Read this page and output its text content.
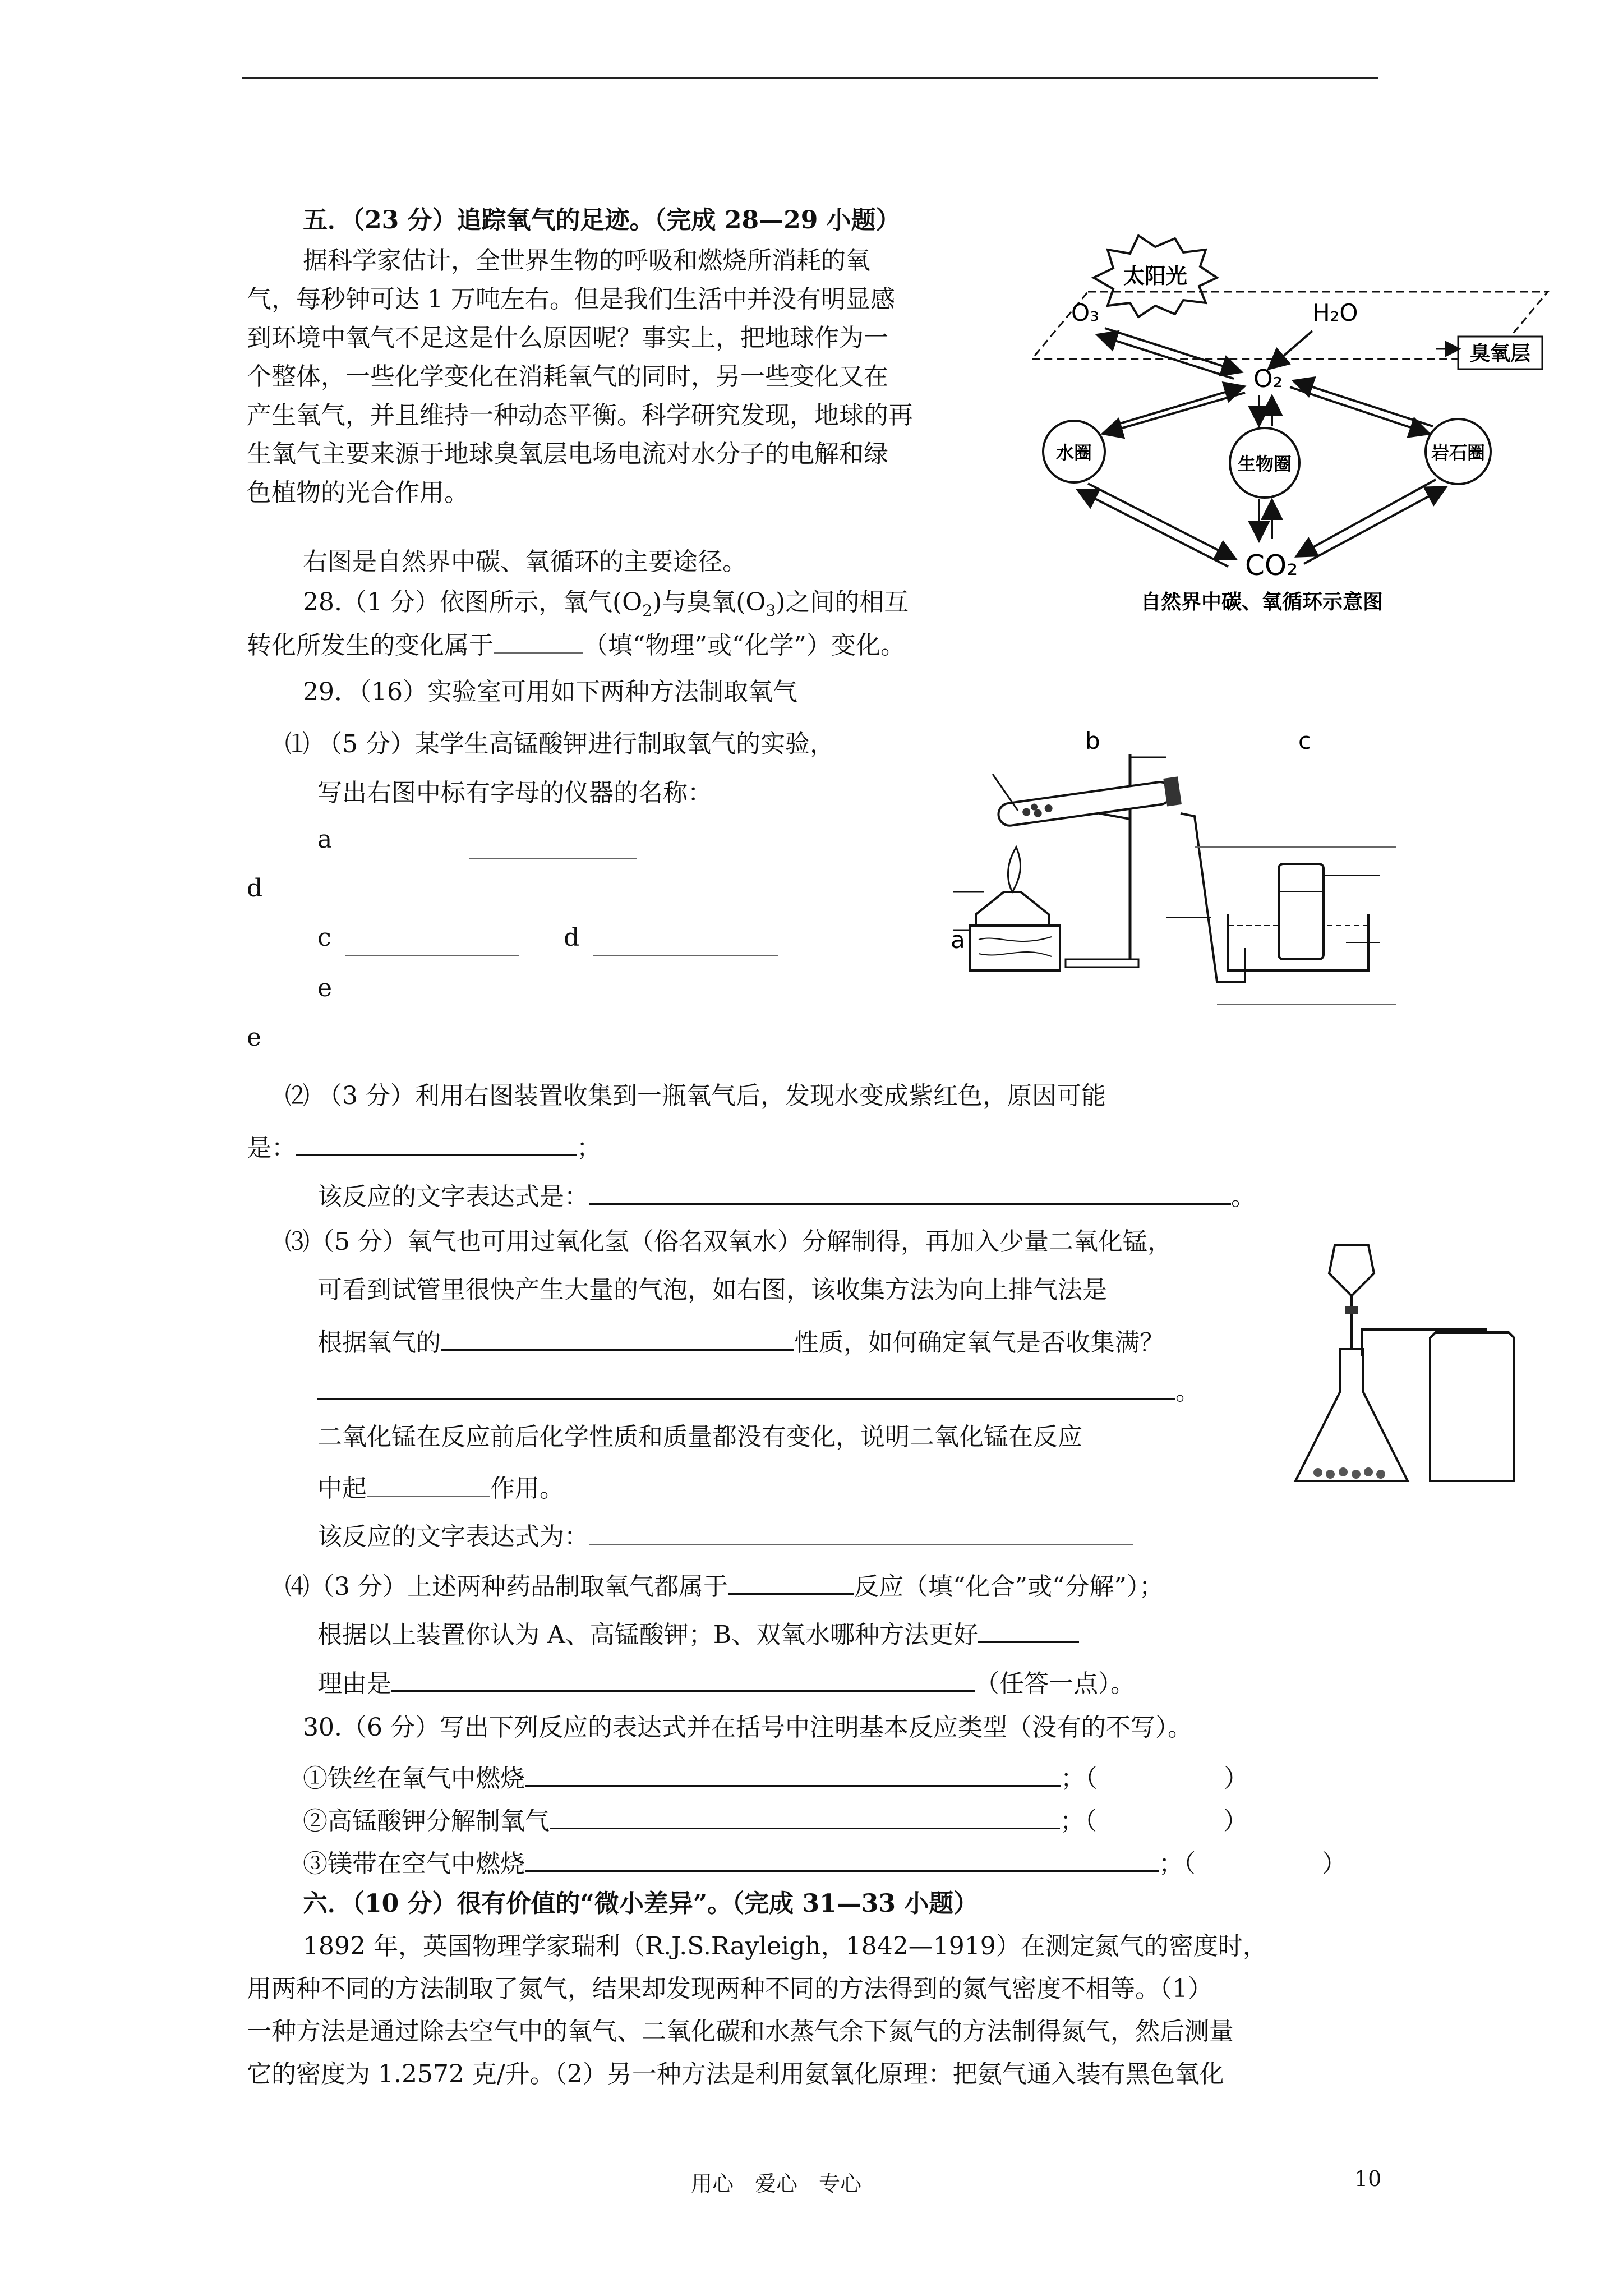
五．（23 分）追踪氧气的足迹。（完成 28—29 小题）
据科学家估计，全世界生物的呼吸和燃烧所消耗的氧
气，每秒钟可达 1 万吨左右。但是我们生活中并没有明显感
到环境中氧气不足这是什么原因呢？事实上，把地球作为一
个整体，一些化学变化在消耗氧气的同时，另一些变化又在
产生氧气，并且维持一种动态平衡。科学研究发现，地球的再
生氧气主要来源于地球臭氧层电场电流对水分子的电解和绿
色植物的光合作用。
右图是自然界中碳、氧循环的主要途径。
28.（1 分）依图所示，氧气$(O_2)$与臭氧$(O_3)$之间的相互
转化所发生的变化属于	（填“物理”或“化学”）变化。
太阳光
O₃	H₂O
臭氧层
O₂
水圈
生物圈
岩石圈
CO₂
自然界中碳、氧循环示意图
29．（16）实验室可用如下两种方法制取氧气
⑴ （5 分）某学生高锰酸钾进行制取氧气的实验，
写出右图中标有字母的仪器的名称：
a
d
c	d
e
e
b	c
a
⑵ （3 分）利用右图装置收集到一瓶氧气后，发现水变成紫红色，原因可能
是：	；
该反应的文字表达式是：	。
⑶（5 分）氧气也可用过氧化氢（俗名双氧水）分解制得，再加入少量二氧化锰，
可看到试管里很快产生大量的气泡，如右图，该收集方法为向上排气法是
根据氧气的	性质，如何确定氧气是否收集满？
。
二氧化锰在反应前后化学性质和质量都没有变化，说明二氧化锰在反应
中起	作用。
该反应的文字表达式为：
⑷（3 分）上述两种药品制取氧气都属于	反应（填“化合”或“分解”）；
根据以上装置你认为 A、高锰酸钾；B、双氧水哪种方法更好
理由是	（任答一点）。
30.（6 分）写出下列反应的表达式并在括号中注明基本反应类型（没有的不写）。
①铁丝在氧气中燃烧	；（	）
②高锰酸钾分解制氧气	；（	）
③镁带在空气中燃烧	；（	）
六．（10 分）很有价值的“微小差异”。（完成 31—33 小题）
1892 年，英国物理学家瑞利（R.J.S.Rayleigh，1842—1919）在测定氮气的密度时，
用两种不同的方法制取了氮气，结果却发现两种不同的方法得到的氮气密度不相等。（1）
一种方法是通过除去空气中的氧气、二氧化碳和水蒸气余下氮气的方法制得氮气，然后测量
它的密度为 1.2572 克/升。（2）另一种方法是利用氨氧化原理：把氨气通入装有黑色氧化
用心　爱心　专心	10
